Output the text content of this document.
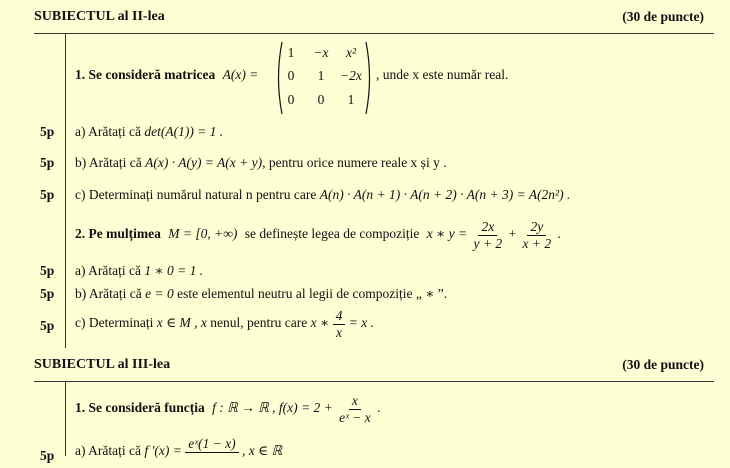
SUBIECTUL al II-lea	(30 de puncte)
1. Se consideră matricea A(x) =
1	−x	x²
0	1	−2x
0	0	1
, unde x este număr real.
5p a) Arătați că det(A(1)) = 1 .
5p b) Arătați că A(x) · A(y) = A(x + y), pentru orice numere reale x și y .
5p c) Determinați numărul natural n pentru care A(n) · A(n + 1) · A(n + 2) · A(n + 3) = A(2n²) .
2. Pe mulțimea M = [0, +∞) se definește legea de compoziție x ∗ $y = \frac{2x}{y + 2} + \frac{2y}{x + 2}$ .
5p a) Arătați că 1 ∗ 0 = 1 .
5p b) Arătați că e = 0 este elementul neutru al legii de compoziție „ ∗ ”.
5p c) Determinați x ∈ M , x nenul, pentru care x ∗ $\frac{4}{x} = x$ .
SUBIECTUL al III-lea	(30 de puncte)
1. Se consideră funcția f : ℝ → ℝ , $f(x) = 2 + \frac{x}{\text{eˣ − x}}$ .
5p a) Arătați că f ′(x) = eˣ(1 − x)
, x ∈ ℝ
